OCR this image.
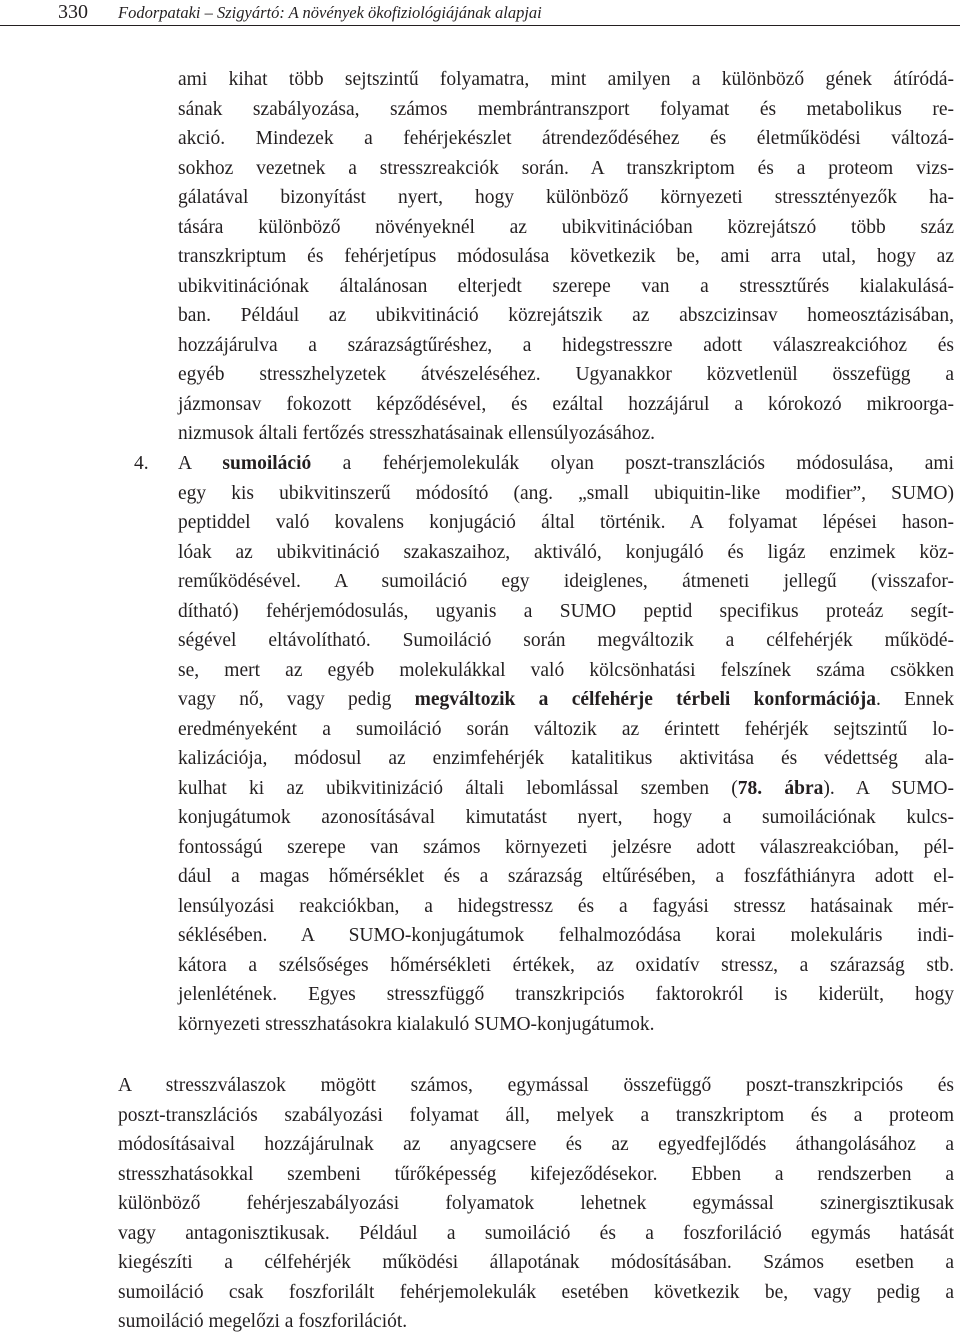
330 Fodorpataki – Szigyártó: A növények ökofiziológiájának alapjai
ami kihat több sejtszintű folyamatra, mint amilyen a különböző gének átíródá-
sának szabályozása, számos membrántranszport folyamat és metabolikus re-
akció. Mindezek a fehérjekészlet átrendeződéséhez és életműködési változá-
sokhoz vezetnek a stresszreakciók során. A transzkriptom és a proteom vizs-
gálatával bizonyítást nyert, hogy különböző környezeti stressztényezők ha-
tására különböző növényeknél az ubikvitinációban közrejátszó több száz
transzkriptum és fehérjetípus módosulása következik be, ami arra utal, hogy az
ubikvitinációnak általánosan elterjedt szerepe van a stressztűrés kialakulásá-
ban. Például az ubikvitináció közrejátszik az abszcizinsav homeosztázisában,
hozzájárulva a szárazságtűréshez, a hidegstresszre adott válaszreakcióhoz és
egyéb stresszhelyzetek átvészeléséhez. Ugyanakkor közvetlenül összefügg a
jázmonsav fokozott képződésével, és ezáltal hozzájárul a kórokozó mikroorga-
nizmusok általi fertőzés stresszhatásainak ellensúlyozásához.
4. A sumoiláció a fehérjemolekulák olyan poszt-transzlációs módosulása, ami
egy kis ubikvitinszerű módosító (ang. „small ubiquitin-like modifier”, SUMO)
peptiddel való kovalens konjugáció által történik. A folyamat lépései hason-
lóak az ubikvitináció szakaszaihoz, aktiváló, konjugáló és ligáz enzimek köz-
reműködésével. A sumoiláció egy ideiglenes, átmeneti jellegű (visszafor-
dítható) fehérjemódosulás, ugyanis a SUMO peptid specifikus proteáz segít-
ségével eltávolítható. Sumoiláció során megváltozik a célfehérjék működé-
se, mert az egyéb molekulákkal való kölcsönhatási felszínek száma csökken
vagy nő, vagy pedig megváltozik a célfehérje térbeli konformációja. Ennek
eredményeként a sumoiláció során változik az érintett fehérjék sejtszintű lo-
kalizációja, módosul az enzimfehérjék katalitikus aktivitása és védettség ala-
kulhat ki az ubikvitinizáció általi lebomlással szemben (78. ábra). A SUMO-
konjugátumok azonosításával kimutatást nyert, hogy a sumoilációnak kulcs-
fontosságú szerepe van számos környezeti jelzésre adott válaszreakcióban, pél-
dául a magas hőmérséklet és a szárazság eltűrésében, a foszfáthiányra adott el-
lensúlyozási reakciókban, a hidegstressz és a fagyási stressz hatásainak mér-
séklésében. A SUMO-konjugátumok felhalmozódása korai molekuláris indi-
kátora a szélsőséges hőmérsékleti értékek, az oxidatív stressz, a szárazság stb.
jelenlétének. Egyes stresszfüggő transzkripciós faktorokról is kiderült, hogy
környezeti stresszhatásokra kialakuló SUMO-konjugátumok.
A stresszválaszok mögött számos, egymással összefüggő poszt-transzkripciós és
poszt-transzlációs szabályozási folyamat áll, melyek a transzkriptom és a proteom
módosításaival hozzájárulnak az anyagcsere és az egyedfejlődés áthangolásához a
stresszhatásokkal szembeni tűrőképesség kifejeződésekor. Ebben a rendszerben a
különböző fehérjeszabályozási folyamatok lehetnek egymással szinergisztikusak
vagy antagonisztikusak. Például a sumoiláció és a foszforiláció egymás hatását
kiegészíti a célfehérjék működési állapotának módosításában. Számos esetben a
sumoiláció csak foszforilált fehérjemolekulák esetében következik be, vagy pedig a
sumoiláció megelőzi a foszforilációt.
